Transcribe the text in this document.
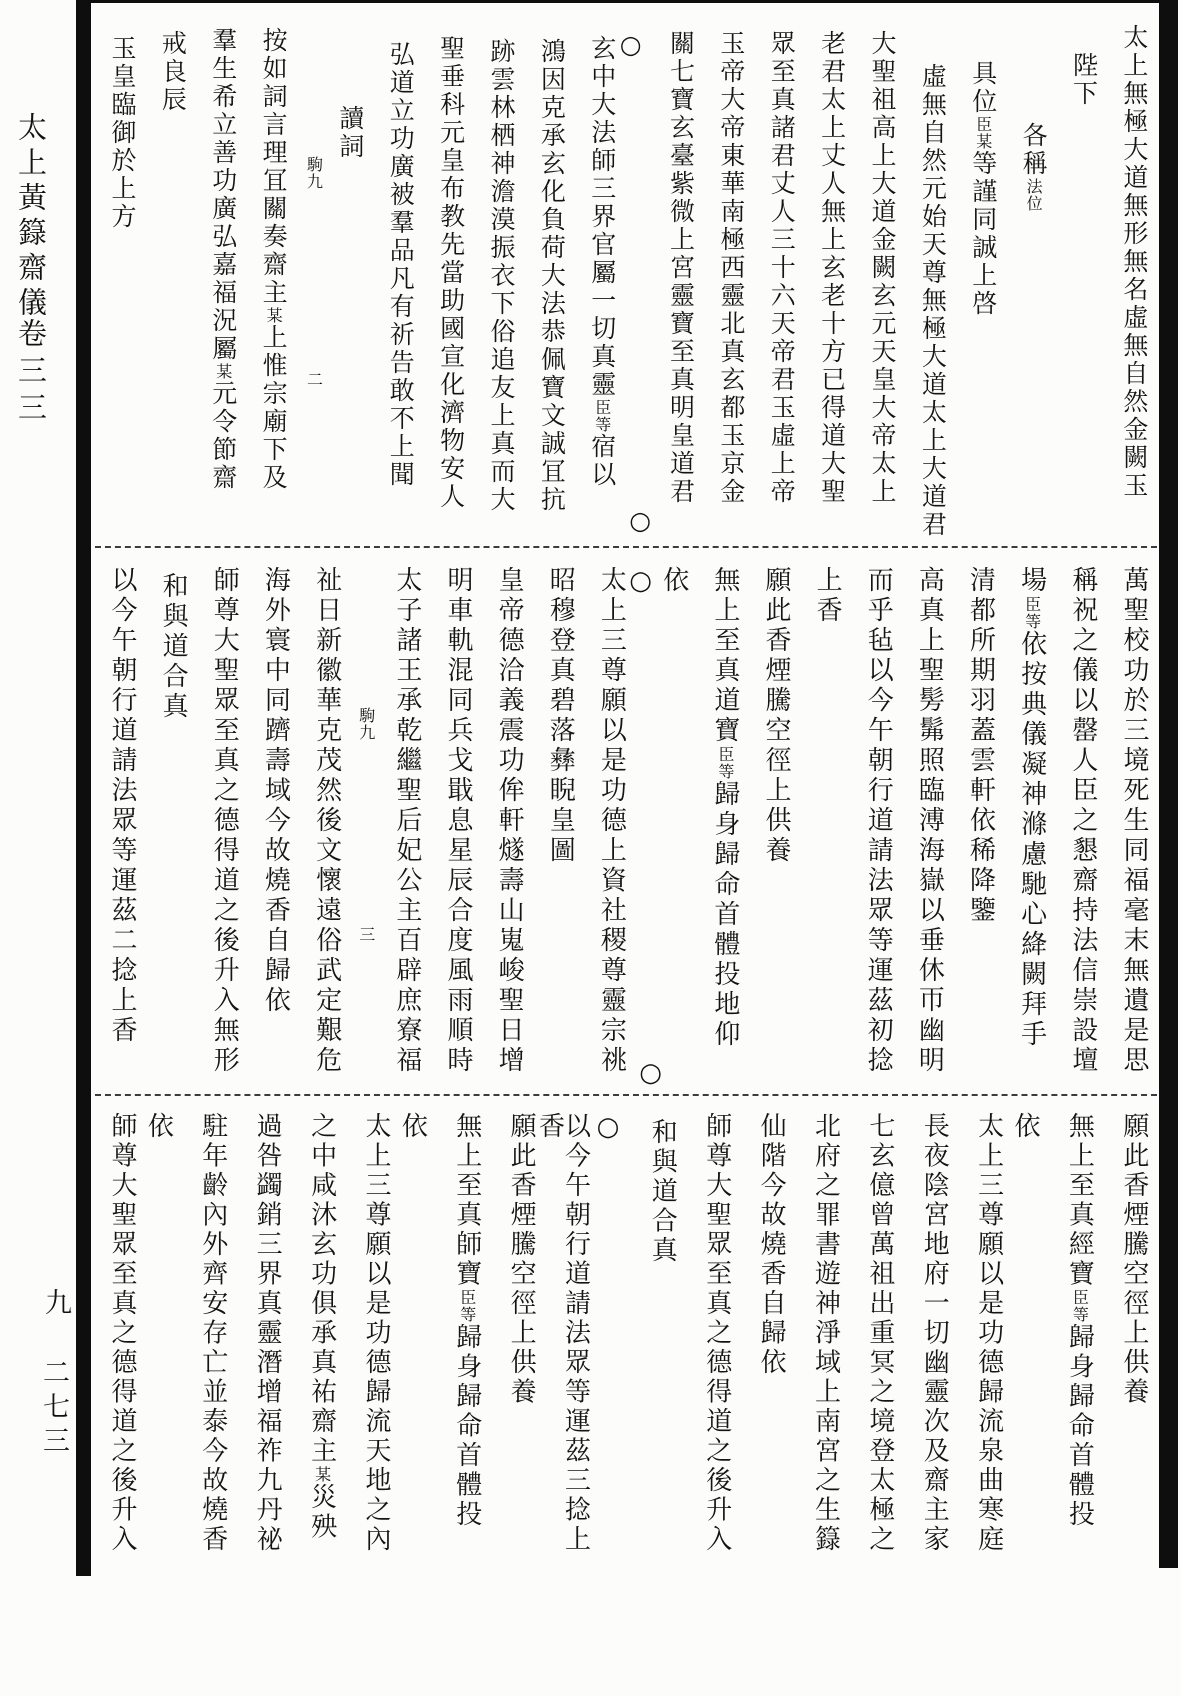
太上黃籙齋儀
卷三三
九
二七三
太上無極大道無形無名虛無自然金闕玉
陛下
各稱法位
具位臣某等謹同誠上啓
虛無自然元始天尊無極大道太上大道君
大聖祖高上大道金闕玄元天皇大帝太上
老君太上丈人無上玄老十方已得道大聖
眾至真諸君丈人三十六天帝君玉虛上帝
玉帝大帝東華南極西靈北真玄都玉京金
關七寶玄臺紫微上宮靈寶至真明皇道君
○
○
玄中大法師三界官屬一切真靈臣等宿以
鴻因克承玄化負荷大法恭佩寶文誠冝抗
跡雲林栖神澹漠振衣下俗追友上真而大
聖垂科元皇布教先當助國宣化濟物安人
弘道立功廣被羣品凡有祈告敢不上聞
讀詞
駒九
二
按如詞言理冝關奏齋主某上惟宗廟下及
羣生希立善功廣弘嘉福況屬某元令節齋
戒良辰
玉皇臨御於上方
萬聖校功於三境死生同福毫末無遺是思
稱祝之儀以罄人臣之懇齋持法信崇設壇
場臣等依按典儀凝神滌慮馳心絳闕拜手
清都所期羽蓋雲軒依稀降鑒
高真上聖髣髴照臨溥海嶽以垂休帀幽明
而乎毡以今午朝行道請法眾等運茲初捻
上香
願此香煙騰空徑上供養
無上至真道寶臣等歸身歸命首體投地仰
依
○
○
太上三尊願以是功德上資社稷尊靈宗祧
昭穆登真碧落彝睨皇圖
皇帝德洽義震功侔軒燧壽山嵬峻聖日增
明車軌混同兵戈戢息星辰合度風雨順時
太子諸王承乾繼聖后妃公主百辟庶寮福
駒九
三
祉日新徽華克茂然後文懷遠俗武定艱危
海外寰中同躋壽域今故燒香自歸依
師尊大聖眾至真之德得道之後升入無形
和與道合真
以今午朝行道請法眾等運茲二捻上香
願此香煙騰空徑上供養
無上至真經寶臣等歸身歸命首體投
依
太上三尊願以是功德歸流泉曲寒庭
長夜陰宮地府一切幽靈次及齋主家
七玄億曾萬祖出重冥之境登太極之
北府之罪書遊神淨域上南宮之生籙
仙階今故燒香自歸依
師尊大聖眾至真之德得道之後升入
和與道合真
○
以今午朝行道請法眾等運茲三捻上香
願此香煙騰空徑上供養
無上至真師寶臣等歸身歸命首體投
依
太上三尊願以是功德歸流天地之內
之中咸沐玄功俱承真祐齋主某災殃
過咎蠲銷三界真靈潛增福祚九丹祕
駐年齡內外齊安存亡並泰今故燒香
依
師尊大聖眾至真之德得道之後升入
